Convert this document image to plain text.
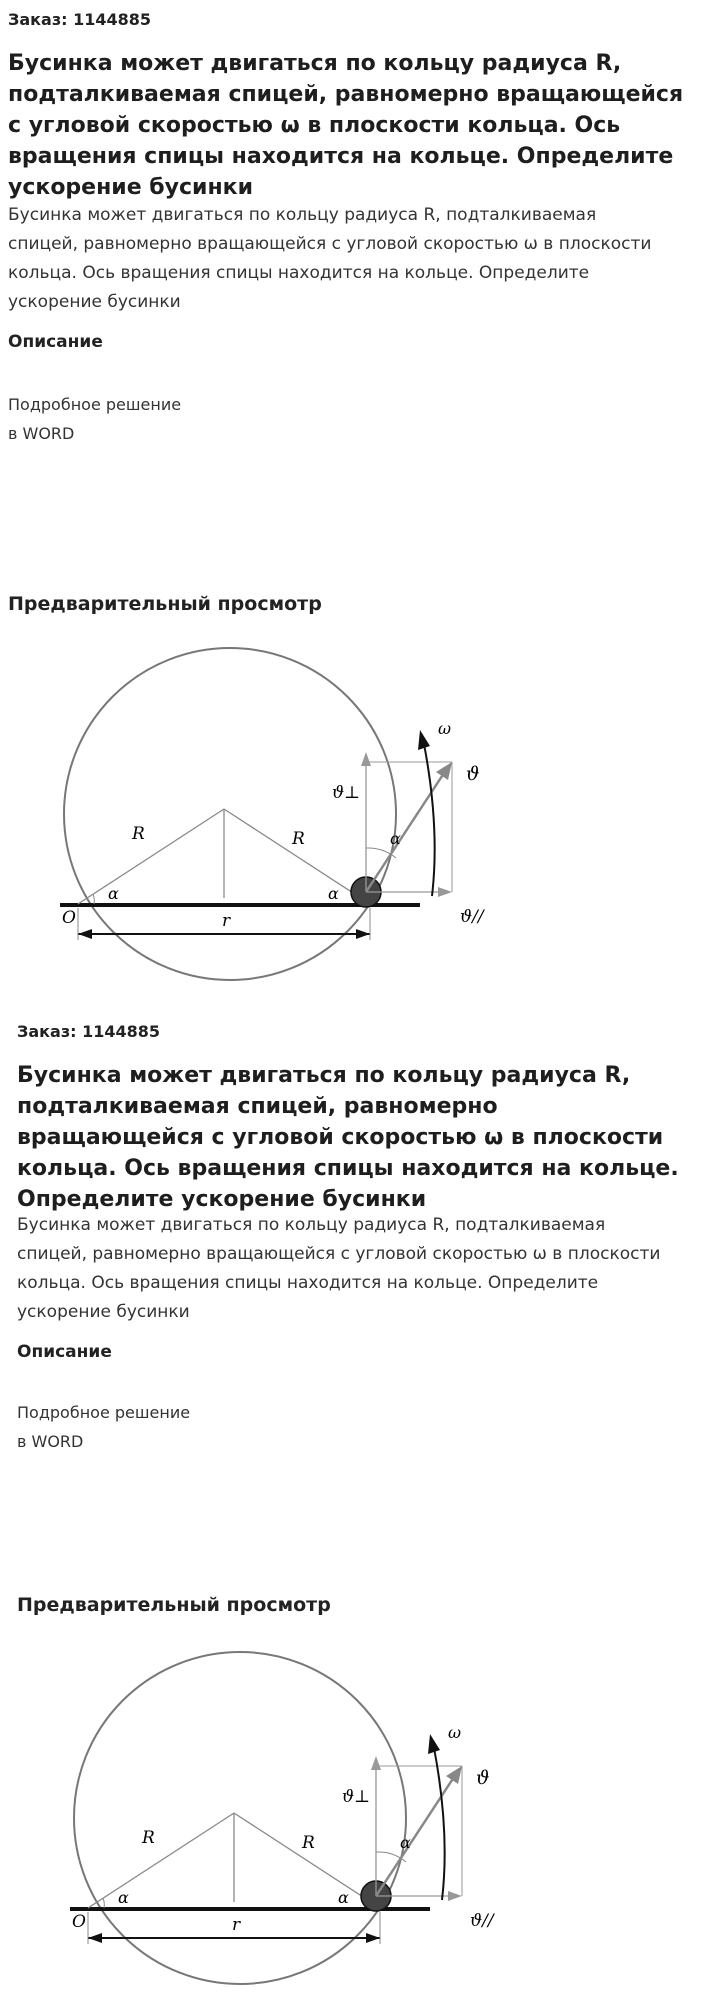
Заказ: 1144885
Бусинка может двигаться по кольцу радиуса R, подталкиваемая спицей, равномерно вращающейся с угловой скоростью ω в плоскости кольца. Ось вращения спицы находится на кольце. Определите ускорение бусинки
Бусинка может двигаться по кольцу радиуса R, подталкиваемая спицей, равномерно вращающейся с угловой скоростью ω в плоскости кольца. Ось вращения спицы находится на кольце. Определите ускорение бусинки
Описание
Подробное решение
в WORD
Предварительный просмотр
R	R
α	α
α
O	r
ω
ϑ
ϑ⊥
ϑ//
Заказ: 1144885
Бусинка может двигаться по кольцу радиуса R, подталкиваемая спицей, равномерно вращающейся с угловой скоростью ω в плоскости кольца. Ось вращения спицы находится на кольце. Определите ускорение бусинки
Бусинка может двигаться по кольцу радиуса R, подталкиваемая спицей, равномерно вращающейся с угловой скоростью ω в плоскости кольца. Ось вращения спицы находится на кольце. Определите ускорение бусинки
Описание
Подробное решение
в WORD
Предварительный просмотр
R	R
α	α
α
O	r
ω
ϑ
ϑ⊥
ϑ//
